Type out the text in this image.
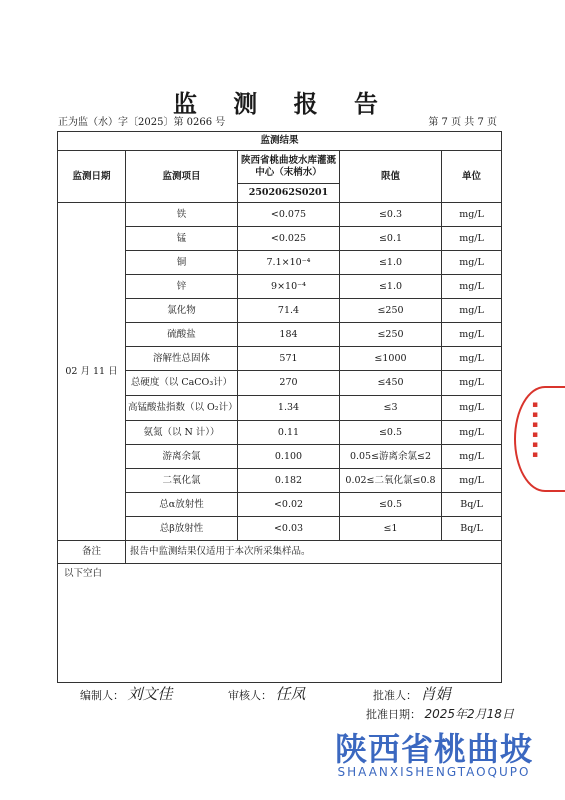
监 测 报 告
正为监（水）字〔2025〕第 0266 号	第 7 页 共 7 页
监测结果				
监测日期	监测项目	陕西省桃曲坡水库灌溉中心（末梢水）	限值	单位
		2502062S0201		
02 月 11 日	铁	<0.075	≤0.3	mg/L
	锰	<0.025	≤0.1	mg/L
	铜	7.1×10⁻⁴	≤1.0	mg/L
	锌	9×10⁻⁴	≤1.0	mg/L
	氯化物	71.4	≤250	mg/L
	硫酸盐	184	≤250	mg/L
	溶解性总固体	571	≤1000	mg/L
	总硬度（以 CaCO₃计）	270	≤450	mg/L
	高锰酸盐指数（以 O₂计）	1.34	≤3	mg/L
	氨氮（以 N 计））	0.11	≤0.5	mg/L
	游离余氯	0.100	0.05≤游离余氯≤2	mg/L
	二氧化氯	0.182	0.02≤二氧化氯≤0.8	mg/L
	总α放射性	<0.02	≤0.5	Bq/L
	总β放射性	<0.03	≤1	Bq/L
备注	报告中监测结果仅适用于本次所采集样品。			
以下空白				
▪▪▪▪▪▪
编制人： 刘文佳	审核人： 任凤	批准人： 肖娟
批准日期： 2025年2月18日
陕西省桃曲坡
SHAANXISHENGTAOQUPO
